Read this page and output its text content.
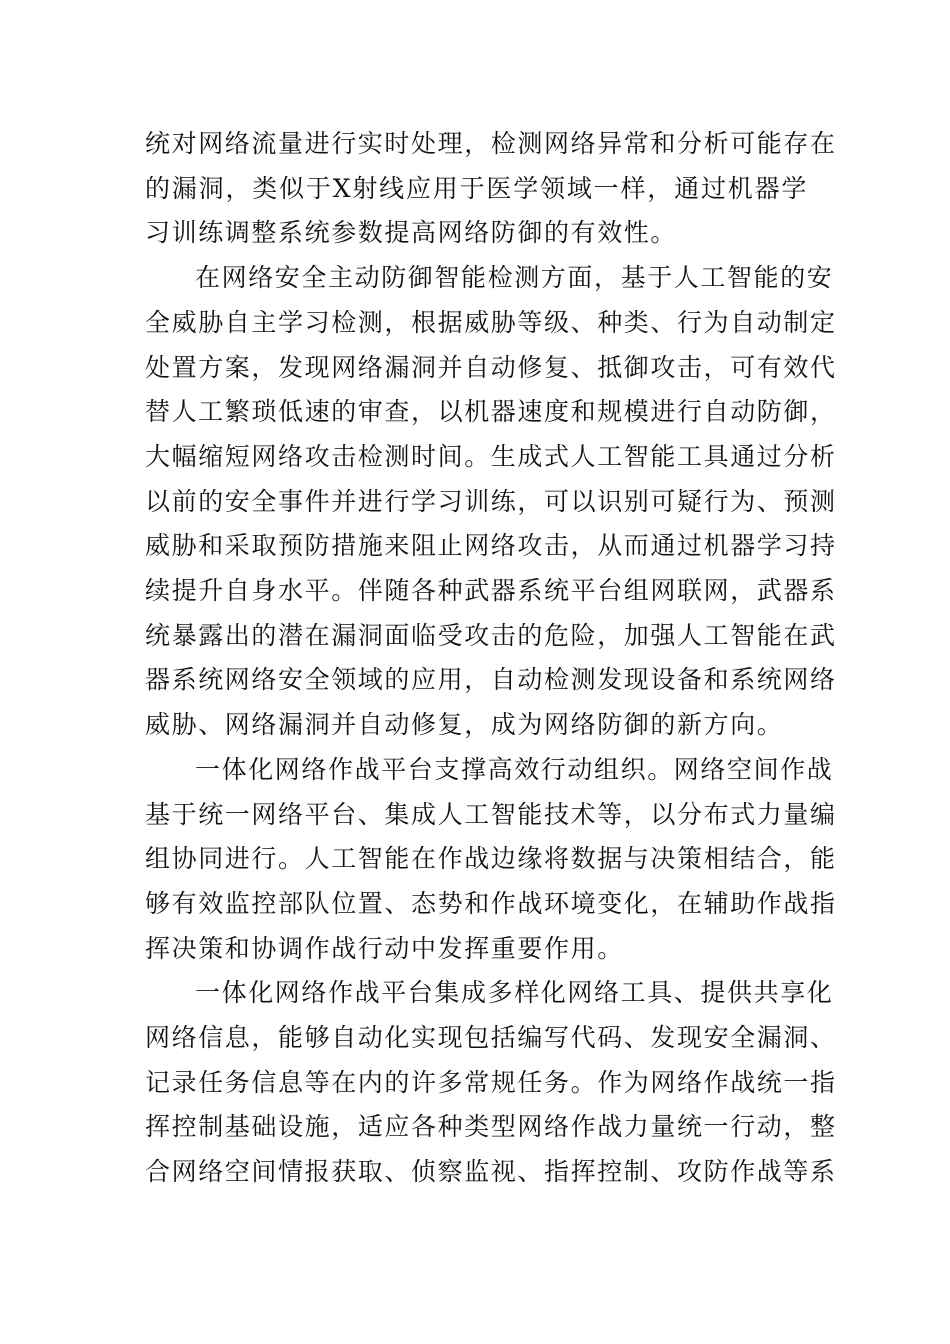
统对网络流量进行实时处理，检测网络异常和分析可能存在
的漏洞，类似于X射线应用于医学领域一样，通过机器学
习训练调整系统参数提高网络防御的有效性。
在网络安全主动防御智能检测方面，基于人工智能的安
全威胁自主学习检测，根据威胁等级、种类、行为自动制定
处置方案，发现网络漏洞并自动修复、抵御攻击，可有效代
替人工繁琐低速的审查，以机器速度和规模进行自动防御，
大幅缩短网络攻击检测时间。生成式人工智能工具通过分析
以前的安全事件并进行学习训练，可以识别可疑行为、预测
威胁和采取预防措施来阻止网络攻击，从而通过机器学习持
续提升自身水平。伴随各种武器系统平台组网联网，武器系
统暴露出的潜在漏洞面临受攻击的危险，加强人工智能在武
器系统网络安全领域的应用，自动检测发现设备和系统网络
威胁、网络漏洞并自动修复，成为网络防御的新方向。
一体化网络作战平台支撑高效行动组织。网络空间作战
基于统一网络平台、集成人工智能技术等，以分布式力量编
组协同进行。人工智能在作战边缘将数据与决策相结合，能
够有效监控部队位置、态势和作战环境变化，在辅助作战指
挥决策和协调作战行动中发挥重要作用。
一体化网络作战平台集成多样化网络工具、提供共享化
网络信息，能够自动化实现包括编写代码、发现安全漏洞、
记录任务信息等在内的许多常规任务。作为网络作战统一指
挥控制基础设施，适应各种类型网络作战力量统一行动，整
合网络空间情报获取、侦察监视、指挥控制、攻防作战等系
